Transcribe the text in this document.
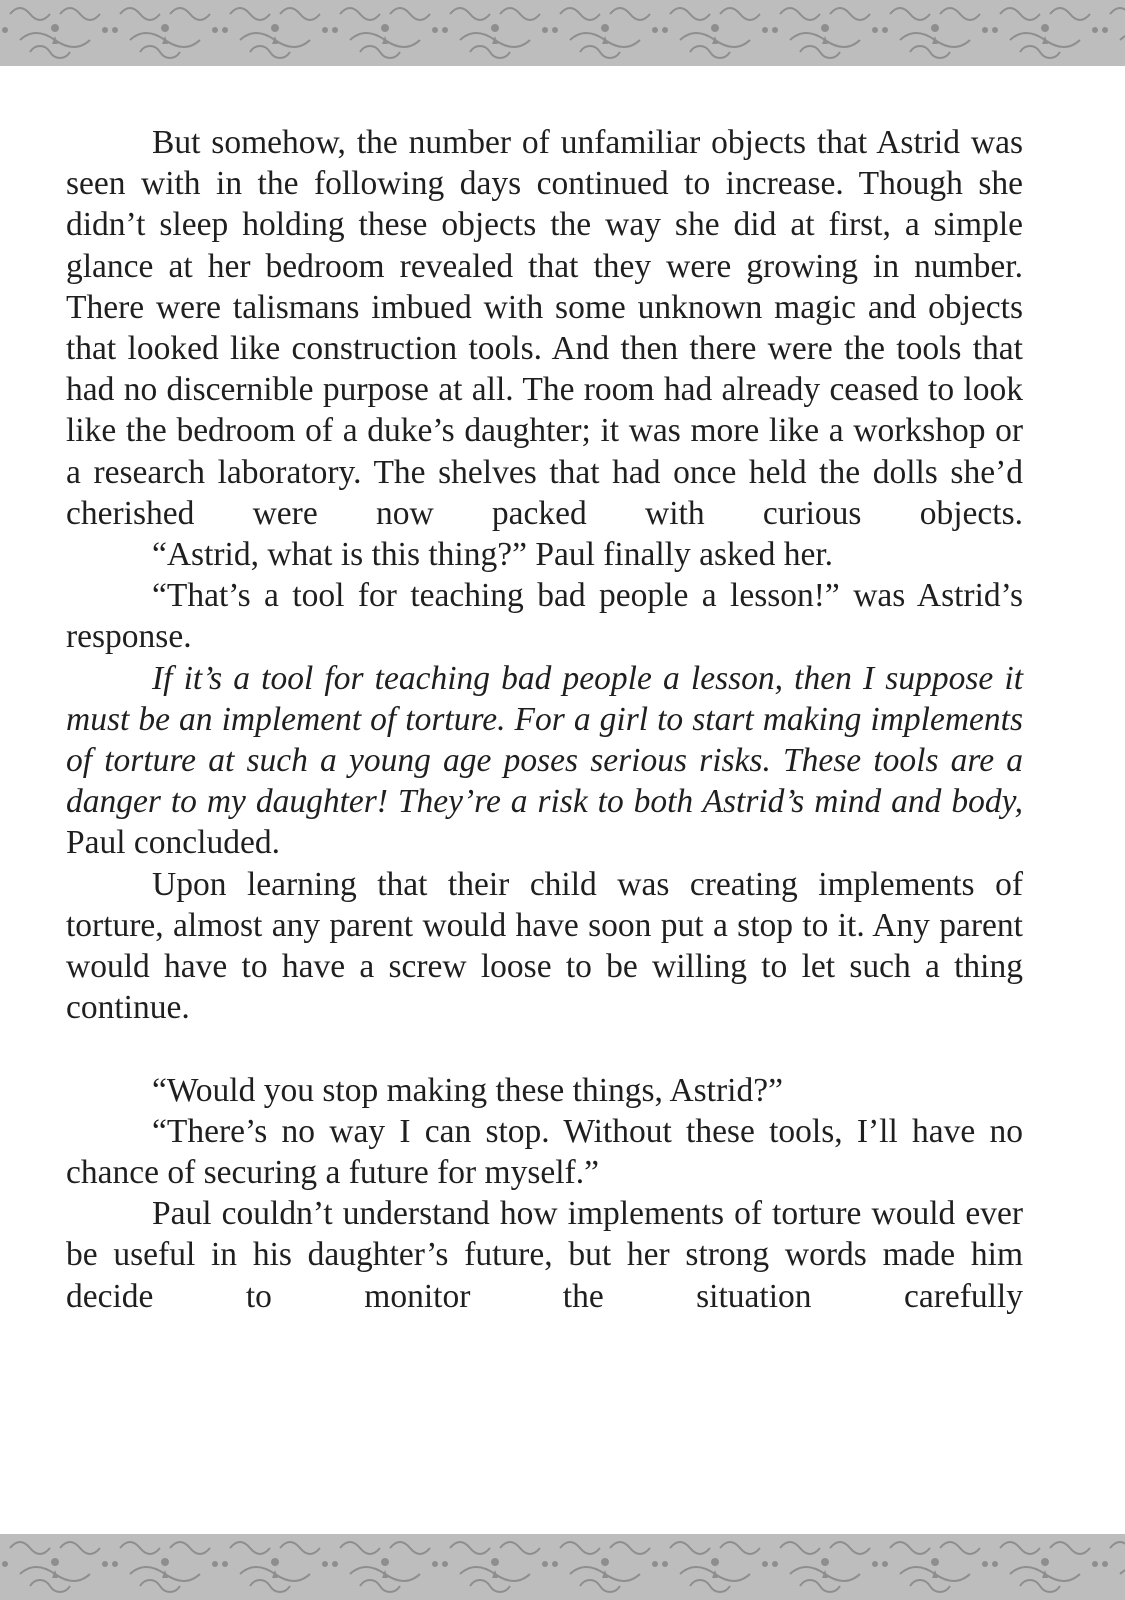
But somehow, the number of unfamiliar objects that Astrid was seen with in the following days continued to increase. Though she didn’t sleep holding these objects the way she did at first, a simple glance at her bedroom revealed that they were growing in number. There were talismans imbued with some unknown magic and objects that looked like construction tools. And then there were the tools that had no discernible purpose at all. The room had already ceased to look like the bedroom of a duke’s daughter; it was more like a workshop or a research laboratory. The shelves that had once held the dolls she’d cherished were now packed with curious objects.

“Astrid, what is this thing?” Paul finally asked her.

“That’s a tool for teaching bad people a lesson!” was Astrid’s response.

If it’s a tool for teaching bad people a lesson, then I suppose it must be an implement of torture. For a girl to start making implements of torture at such a young age poses serious risks. These tools are a danger to my daughter! They’re a risk to both Astrid’s mind and body, Paul concluded.

Upon learning that their child was creating implements of torture, almost any parent would have soon put a stop to it. Any parent would have to have a screw loose to be willing to let such a thing continue.

“Would you stop making these things, Astrid?”

“There’s no way I can stop. Without these tools, I’ll have no chance of securing a future for myself.”

Paul couldn’t understand how implements of torture would ever be useful in his daughter’s future, but her strong words made him decide to monitor the situation carefully
